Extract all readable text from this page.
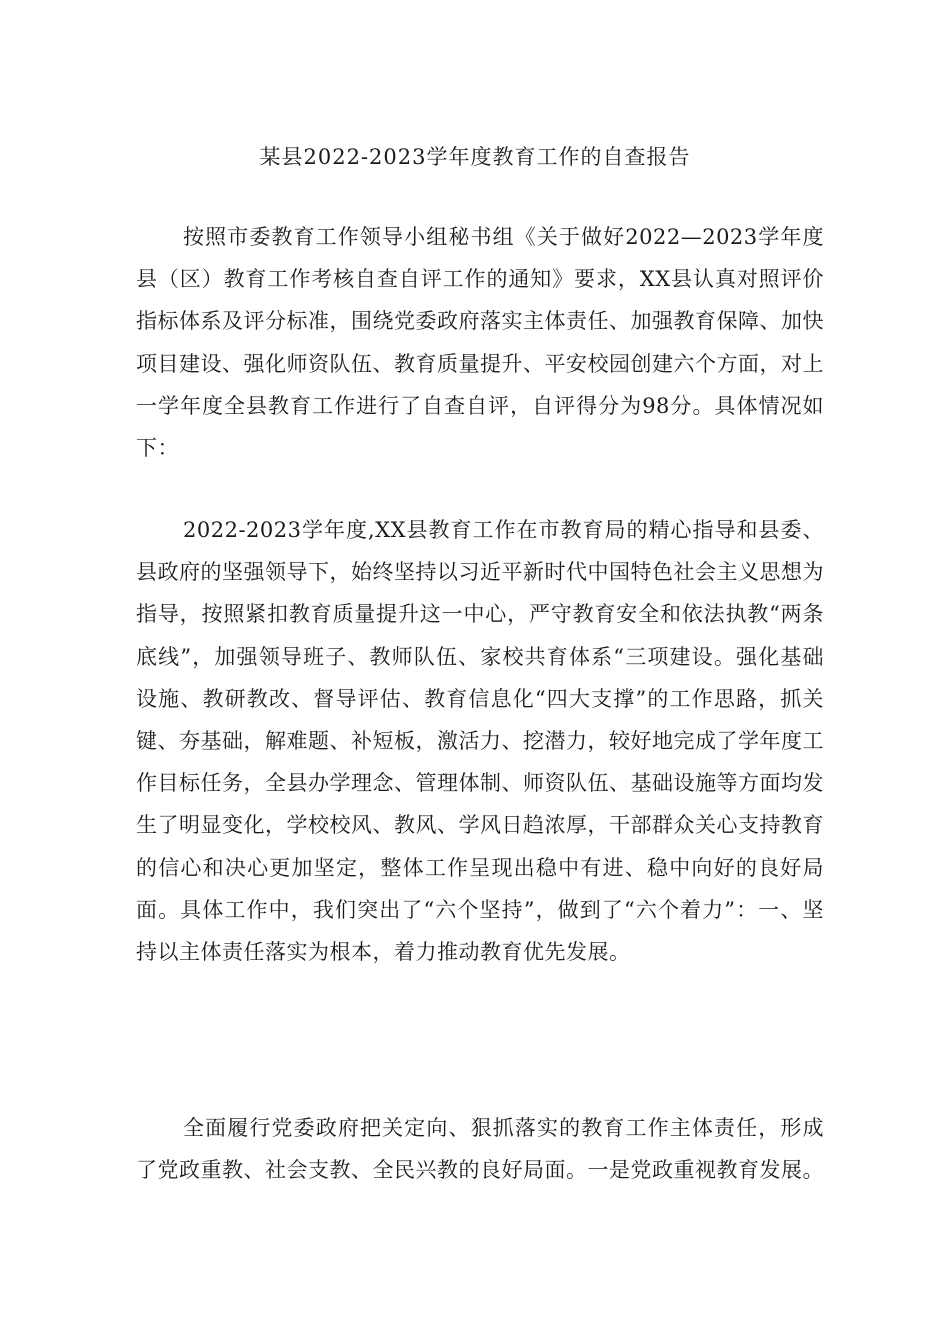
某县2022-2023学年度教育工作的自查报告

按照市委教育工作领导小组秘书组《关于做好2022—2023学年度县（区）教育工作考核自查自评工作的通知》要求，XX县认真对照评价指标体系及评分标准，围绕党委政府落实主体责任、加强教育保障、加快项目建设、强化师资队伍、教育质量提升、平安校园创建六个方面，对上一学年度全县教育工作进行了自查自评，自评得分为98分。具体情况如下：

2022-2023学年度,XX县教育工作在市教育局的精心指导和县委、县政府的坚强领导下，始终坚持以习近平新时代中国特色社会主义思想为指导，按照紧扣教育质量提升这一中心，严守教育安全和依法执教“两条底线”，加强领导班子、教师队伍、家校共育体系“三项建设。强化基础设施、教研教改、督导评估、教育信息化“四大支撑”的工作思路，抓关键、夯基础，解难题、补短板，激活力、挖潜力，较好地完成了学年度工作目标任务，全县办学理念、管理体制、师资队伍、基础设施等方面均发生了明显变化，学校校风、教风、学风日趋浓厚，干部群众关心支持教育的信心和决心更加坚定，整体工作呈现出稳中有进、稳中向好的良好局面。具体工作中，我们突出了“六个坚持”，做到了“六个着力”：一、坚持以主体责任落实为根本，着力推动教育优先发展。

全面履行党委政府把关定向、狠抓落实的教育工作主体责任，形成了党政重教、社会支教、全民兴教的良好局面。一是党政重视教育发展。
